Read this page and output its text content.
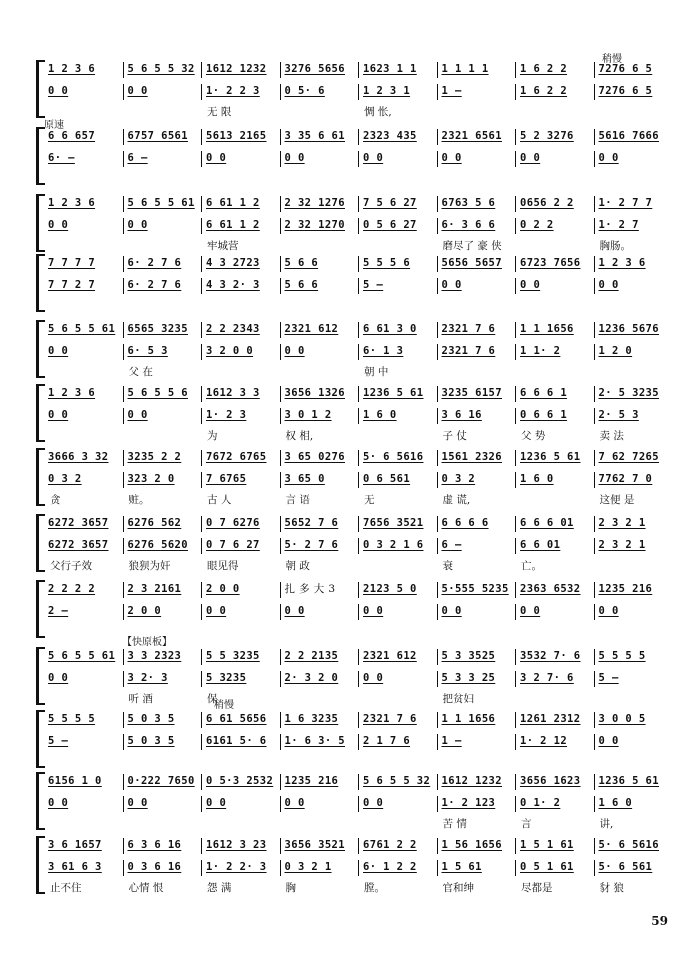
稍慢
原速
【快原板】
稍慢
59
1 2 3 6	5 6 5 5 32	1612 1232	3276 5656	1623 1 1	1 1 1 1	1 6 2 2	7276 6 5
0 0	0 0	1· 2 2 3	0 5· 6	1 2 3 1	1 —	1 6 2 2	7276 6 5
无 限	惆 怅,
6 6 657	6757 6561	5613 2165	3 35 6 61	2323 435	2321 6561	5 2 3276	5616 7666
6· —	6 —	0 0	0 0	0 0	0 0	0 0	0 0
1 2 3 6	5 6 5 5 61	6 61 1 2	2 32 1276	7 5 6 27	6763 5 6	0656 2 2	1· 2 7 7
0 0	0 0	6 61 1 2	2 32 1270	0 5 6 27	6· 3 6 6	0 2 2	1· 2 7
牢城营	磨尽了 豪 侠	胸肠。
7 7 7 7	6· 2 7 6	4 3 2723	5 6 6	5 5 5 6	5656 5657	6723 7656	1 2 3 6
7 7 2 7	6· 2 7 6	4 3 2· 3	5 6 6	5 —	0 0	0 0	0 0
5 6 5 5 61	6565 3235	2 2 2343	2321 612	6 61 3 0	2321 7 6	1 1 1656	1236 5676
0 0	6· 5 3	3 2 0 0	0 0	6· 1 3	2321 7 6	1 1· 2	1 2 0
父 在	朝 中
1 2 3 6	5 6 5 5 6	1612 3 3	3656 1326	1236 5 61	3235 6157	6 6 6 1	2· 5 3235
0 0	0 0	1· 2 3	3 0 1 2	1 6 0	3 6 16	0 6 6 1	2· 5 3
为	权 相,	子 仗	父 势	卖 法
3666 3 32	3235 2 2	7672 6765	3 65 0276	5· 6 5616	1561 2326	1236 5 61	7 62 7265
0 3 2	323 2 0	7 6765	3 65 0	0 6 561	0 3 2	1 6 0	7762 7 0
贪	赃。	古 人	言 语	无	虚 谎,	这便 是
6272 3657	6276 562	0 7 6276	5652 7 6	7656 3521	6 6 6 6	6 6 6 01	2 3 2 1
6272 3657	6276 5620	0 7 6 27	5· 2 7 6	0 3 2 1 6	6 —	6 6 01	2 3 2 1
父行子效	狼狈为奸	眼见得	朝 政	衰	亡。
2 2 2 2	2 3 2161	2 0 0	扎 多 大 3	2123 5 0	5·555 5235	2363 6532	1235 216
2 —	2 0 0	0 0	0 0	0 0	0 0	0 0	0 0
5 6 5 5 61	3 3 2323	5 5 3235	2 2 2135	2321 612	5 3 3525	3532 7· 6	5 5 5 5
0 0	3 2· 3	5 3235	2· 3 2 0	0 0	5 3 3 25	3 2 7· 6	5 —
听 酒	保	把贫妇
5 5 5 5	5 0 3 5	6 61 5656	1 6 3235	2321 7 6	1 1 1656	1261 2312	3 0 0 5
5 —	5 0 3 5	6161 5· 6	1· 6 3· 5	2 1 7 6	1 —	1· 2 12	0 0
6156 1 0	0·222 7650	0 5·3 2532	1235 216	5 6 5 5 32	1612 1232	3656 1623	1236 5 61
0 0	0 0	0 0	0 0	0 0	1· 2 123	0 1· 2	1 6 0
苦 情	言	讲,
3 6 1657	6 3 6 16	1612 3 23	3656 3521	6761 2 2	1 56 1656	1 5 1 61	5· 6 5616
3 61 6 3	0 3 6 16	1· 2 2· 3	0 3 2 1	6· 1 2 2	1 5 61	0 5 1 61	5· 6 561
止不住	心情 恨	怨 满	胸	膛。	官和绅	尽都是	豺 狼
